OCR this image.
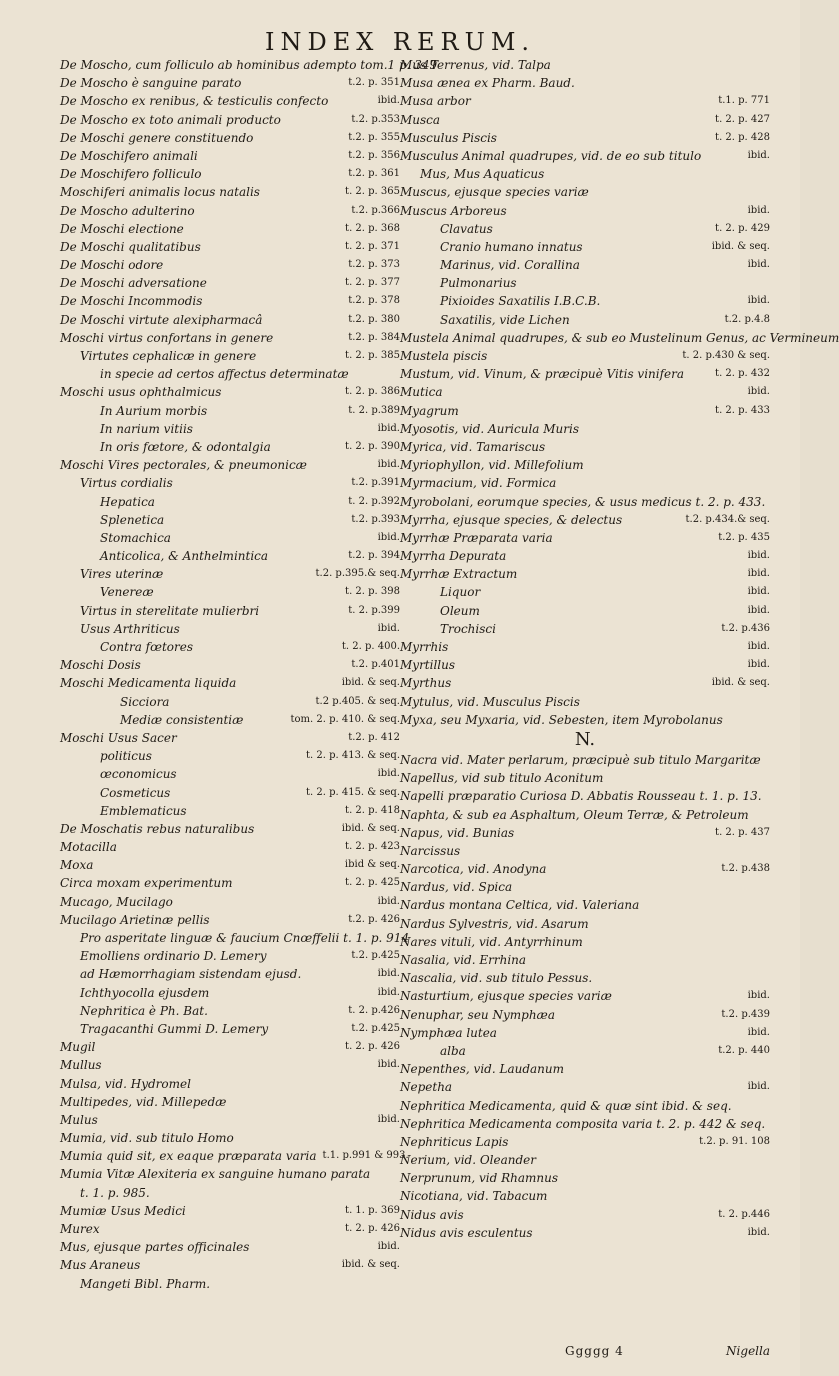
INDEX RERUM.
De Moscho, cum folliculo ab hominibus adempto tom.1 p. 349
De Moscho è sanguine parato	t.2. p. 351
De Moscho ex renibus, & testiculis confecto	ibid.
De Moscho ex toto animali producto	t.2. p.353
De Moschi genere constituendo	t.2. p. 355
De Moschifero animali	t.2. p. 356
De Moschifero folliculo	t.2. p. 361
Moschiferi animalis locus natalis	t. 2. p. 365
De Moscho adulterino	t.2. p.366
De Moschi electione	t. 2. p. 368
De Moschi qualitatibus	t. 2. p. 371
De Moschi odore	t.2. p. 373
De Moschi adversatione	t. 2. p. 377
De Moschi Incommodis	t.2. p. 378
De Moschi virtute alexipharmacâ	t.2. p. 380
Moschi virtus confortans in genere	t.2. p. 384
Virtutes cephalicæ in genere	t. 2. p. 385
in specie ad certos affectus determinatæ
Moschi usus ophthalmicus	t. 2. p. 386
In Aurium morbis	t. 2. p.389
In narium vitiis	ibid.
In oris fœtore, & odontalgia	t. 2. p. 390
Moschi Vires pectorales, & pneumonicæ	ibid.
Virtus cordialis	t.2. p.391
Hepatica	t. 2. p.392
Splenetica	t.2. p.393
Stomachica	ibid.
Anticolica, & Anthelmintica	t.2. p. 394
Vires uterinæ	t.2. p.395.& seq.
Venereæ	t. 2. p. 398
Virtus in sterelitate mulierbri	t. 2. p.399
Usus Arthriticus	ibid.
Contra fœtores	t. 2. p. 400.
Moschi Dosis	t.2. p.401
Moschi Medicamenta liquida	ibid. & seq.
Sicciora	t.2 p.405. & seq.
Mediæ consistentiæ	tom. 2. p. 410. & seq.
Moschi Usus Sacer	t.2. p. 412
politicus	t. 2. p. 413. & seq.
œconomicus	ibid.
Cosmeticus	t. 2. p. 415. & seq.
Emblematicus	t. 2. p. 418
De Moschatis rebus naturalibus	ibid. & seq.
Motacilla	t. 2. p. 423
Moxa	ibid & seq.
Circa moxam experimentum	t. 2. p. 425
Mucago, Mucilago	ibid.
Mucilago Arietinæ pellis	t.2. p. 426
Pro asperitate linguæ & faucium Cnœffelii t. 1. p. 914
Emolliens ordinario D. Lemery	t.2. p.425
ad Hæmorrhagiam sistendam ejusd.	ibid.
Ichthyocolla ejusdem	ibid.
Nephritica è Ph. Bat.	t. 2. p.426
Tragacanthi Gummi D. Lemery	t.2. p.425
Mugil	t. 2. p. 426
Mullus	ibid.
Mulsa, vid. Hydromel
Multipedes, vid. Millepedæ
Mulus	ibid.
Mumia, vid. sub titulo Homo
Mumia quid sit, ex eaque præparata varia t.1. p.991 & 993.
Mumia Vitæ Alexiteria ex sanguine humano parata
t. 1. p. 985.
Mumiæ Usus Medici	t. 1. p. 369
Murex	t. 2. p. 426
Mus, ejusque partes officinales	ibid.
Mus Araneus	ibid. & seq.
Mangeti Bibl. Pharm.
Mus Terrenus, vid. Talpa
Musa ænea ex Pharm. Baud.
Musa arbor	t.1. p. 771
Musca	t. 2. p. 427
Musculus Piscis	t. 2. p. 428
Musculus Animal quadrupes, vid. de eo sub titulo	ibid.
Mus, Mus Aquaticus
Muscus, ejusque species variæ
Muscus Arboreus	ibid.
Clavatus	t. 2. p. 429
Cranio humano innatus	ibid. & seq.
Marinus, vid. Corallina	ibid.
Pulmonarius
Pixioides Saxatilis I.B.C.B.	ibid.
Saxatilis, vide Lichen	t.2. p.4.8
Mustela Animal quadrupes, & sub eo Mustelinum Genus, ac Vermineum
Mustela piscis	t. 2. p.430 & seq.
Mustum, vid. Vinum, & præcipuè Vitis vinifera	t. 2. p. 432
Mutica	ibid.
Myagrum	t. 2. p. 433
Myosotis, vid. Auricula Muris
Myrica, vid. Tamariscus
Myriophyllon, vid. Millefolium
Myrmacium, vid. Formica
Myrobolani, eorumque species, & usus medicus t. 2. p. 433.
Myrrha, ejusque species, & delectus	t.2. p.434.& seq.
Myrrhæ Præparata varia	t.2. p. 435
Myrrha Depurata	ibid.
Myrrhæ Extractum	ibid.
Liquor	ibid.
Oleum	ibid.
Trochisci	t.2. p.436
Myrrhis	ibid.
Myrtillus	ibid.
Myrthus	ibid. & seq.
Mytulus, vid. Musculus Piscis
Myxa, seu Myxaria, vid. Sebesten, item Myrobolanus
N.
Nacra vid. Mater perlarum, præcipuè sub titulo Margaritæ
Napellus, vid sub titulo Aconitum
Napelli præparatio Curiosa D. Abbatis Rousseau t. 1. p. 13.
Naphta, & sub ea Asphaltum, Oleum Terræ, & Petroleum
Napus, vid. Bunias	t. 2. p. 437
Narcissus
Narcotica, vid. Anodyna	t.2. p.438
Nardus, vid. Spica
Nardus montana Celtica, vid. Valeriana
Nardus Sylvestris, vid. Asarum
Nares vituli, vid. Antyrrhinum
Nasalia, vid. Errhina
Nascalia, vid. sub titulo Pessus.
Nasturtium, ejusque species variæ	ibid.
Nenuphar, seu Nymphæa	t.2. p.439
Nymphæa lutea	ibid.
alba	t.2. p. 440
Nepenthes, vid. Laudanum
Nepetha	ibid.
Nephritica Medicamenta, quid & quæ sint ibid. & seq.
Nephritica Medicamenta composita varia t. 2. p. 442 & seq.
Nephriticus Lapis	t.2. p. 91. 108
Nerium, vid. Oleander
Nerprunum, vid Rhamnus
Nicotiana, vid. Tabacum
Nidus avis	t. 2. p.446
Nidus avis esculentus	ibid.
Ggggg 4	Nigella
